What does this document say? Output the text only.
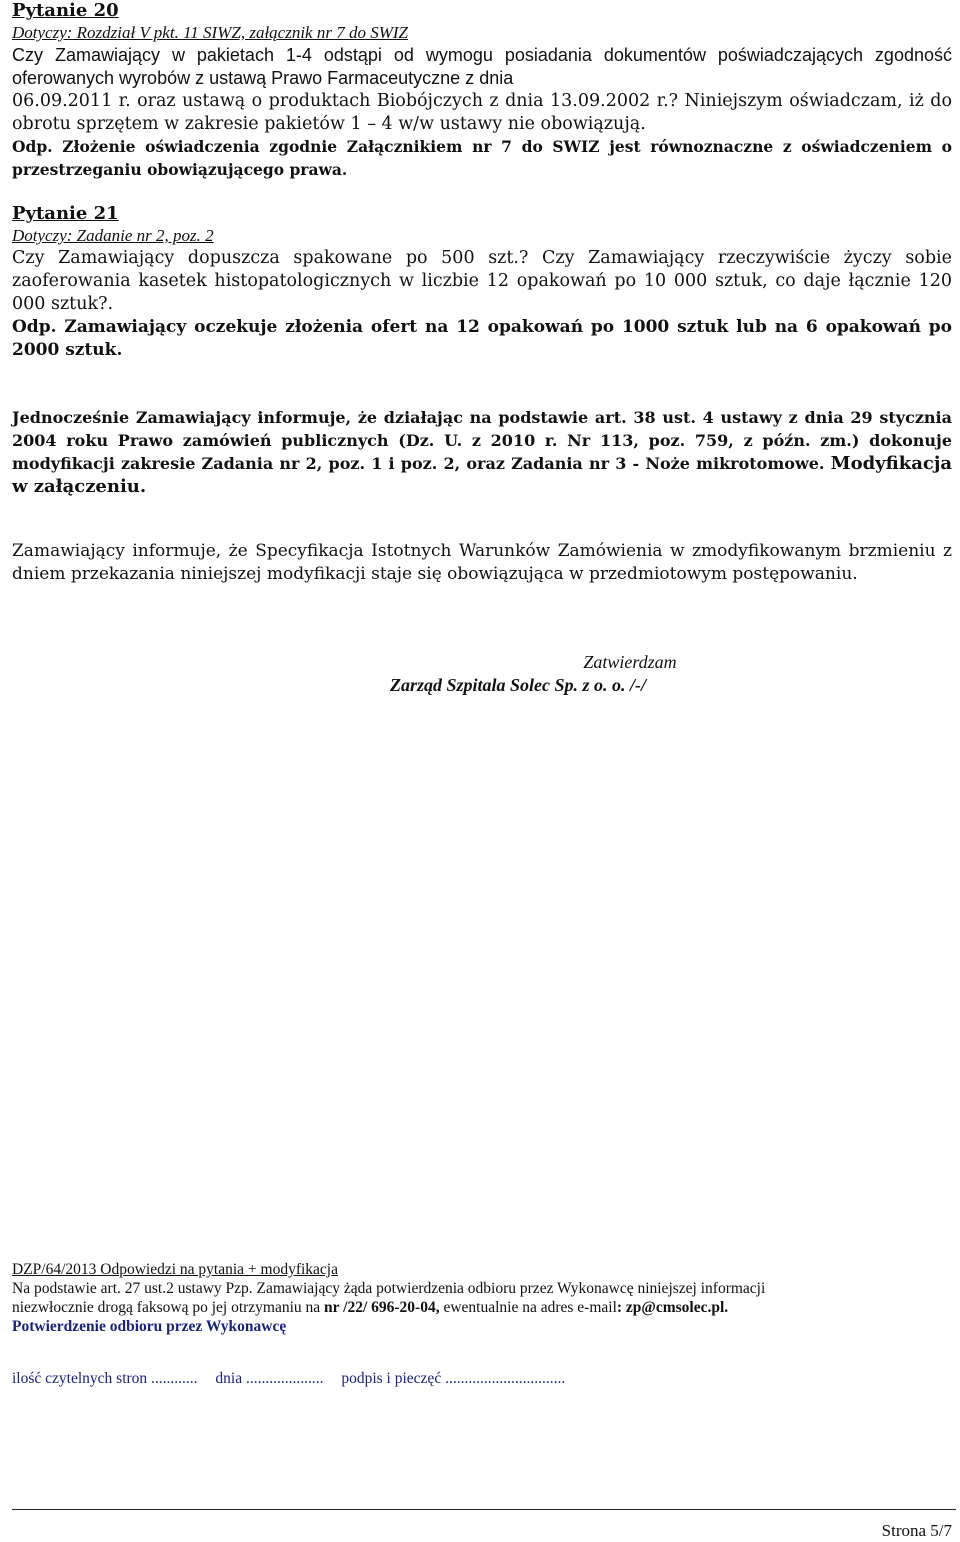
Pytanie 20
Dotyczy: Rozdział V pkt. 11 SIWZ, załącznik nr 7 do SWIZ
Czy Zamawiający w pakietach 1-4 odstąpi od wymogu posiadania dokumentów poświadczających zgodność oferowanych wyrobów z ustawą Prawo Farmaceutyczne z dnia
06.09.2011 r. oraz ustawą o produktach Biobójczych z dnia 13.09.2002 r.? Niniejszym oświadczam, iż do obrotu sprzętem w zakresie pakietów 1 – 4 w/w ustawy nie obowiązują.
Odp. Złożenie oświadczenia zgodnie Załącznikiem nr 7 do SWIZ jest równoznaczne z oświadczeniem o przestrzeganiu obowiązującego prawa.
Pytanie 21
Dotyczy: Zadanie nr 2, poz. 2
Czy Zamawiający dopuszcza spakowane po 500 szt.? Czy Zamawiający rzeczywiście życzy sobie zaoferowania kasetek histopatologicznych w liczbie 12 opakowań po 10 000 sztuk, co daje łącznie 120 000 sztuk?.
Odp. Zamawiający oczekuje złożenia ofert na 12 opakowań po 1000 sztuk lub na 6 opakowań po 2000 sztuk.
Jednocześnie Zamawiający informuje, że działając na podstawie art. 38 ust. 4 ustawy z dnia 29 stycznia 2004 roku Prawo zamówień publicznych (Dz. U. z 2010 r. Nr 113, poz. 759, z późn. zm.) dokonuje modyfikacji zakresie Zadania nr 2, poz. 1 i poz. 2, oraz Zadania nr 3 - Noże mikrotomowe. Modyfikacja w załączeniu.
Zamawiający informuje, że Specyfikacja Istotnych Warunków Zamówienia w zmodyfikowanym brzmieniu z dniem przekazania niniejszej modyfikacji staje się obowiązująca w przedmiotowym postępowaniu.
Zatwierdzam
Zarząd Szpitala Solec Sp. z o. o. /-/
DZP/64/2013 Odpowiedzi na pytania + modyfikacja
Na podstawie art. 27 ust.2 ustawy Pzp. Zamawiający żąda potwierdzenia odbioru przez Wykonawcę niniejszej informacji
niezwłocznie drogą faksową po jej otrzymaniu na nr /22/ 696-20-04, ewentualnie na adres e-mail: zp@cmsolec.pl.
Potwierdzenie odbioru przez Wykonawcę
ilość czytelnych stron ............ dnia .................... podpis i pieczęć ...............................
Strona 5/7
